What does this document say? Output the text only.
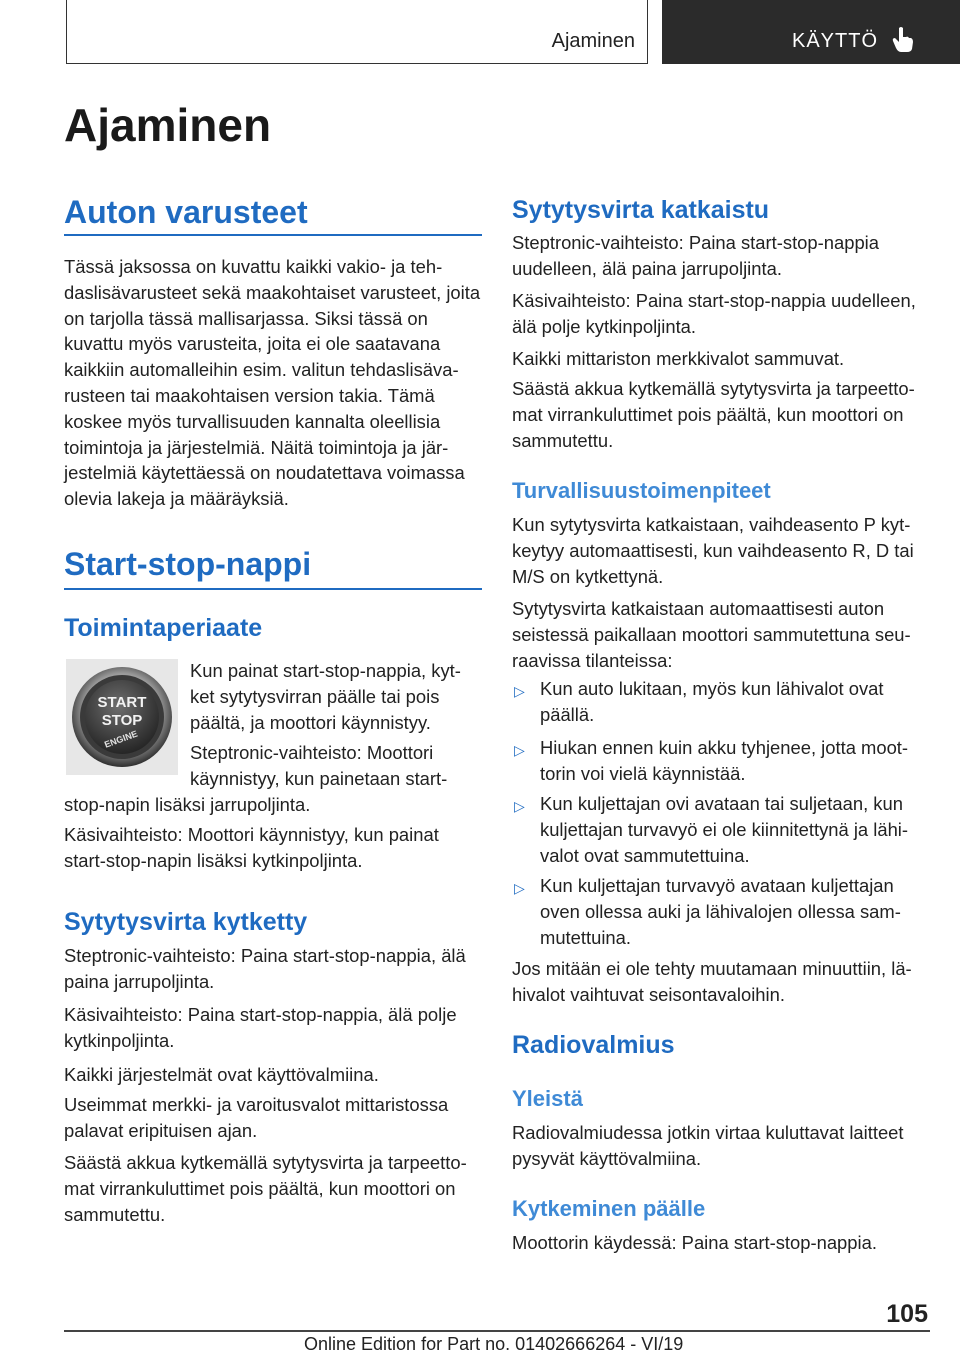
Ajaminen	KÄYTTÖ
Ajaminen
Auton varusteet

Tässä jaksossa on kuvattu kaikki vakio- ja teh-daslisävarusteet sekä maakohtaiset varusteet, joita on tarjolla tässä mallisarjassa. Siksi tässä on kuvattu myös varusteita, joita ei ole saatavana kaikkiin automalleihin esim. valitun tehdaslisäva-rusteen tai maakohtaisen version takia. Tämä koskee myös turvallisuuden kannalta oleellisia toimintoja ja järjestelmiä. Näitä toimintoja ja jär-jestelmiä käytettäessä on noudatettava voimassa olevia lakeja ja määräyksiä.

Start-stop-nappi
Toimintaperiaate
START
STOP
ENGINE

Kun painat start-stop-nappia, kyt-ket sytytysvirran päälle tai pois päältä, ja moottori käynnistyy.

Steptronic-vaihteisto: Moottori käynnistyy, kun painetaan start-

stop-napin lisäksi jarrupoljinta.

Käsivaihteisto: Moottori käynnistyy, kun painat start-stop-napin lisäksi kytkinpoljinta.

Sytytysvirta kytketty

Steptronic-vaihteisto: Paina start-stop-nappia, älä paina jarrupoljinta.

Käsivaihteisto: Paina start-stop-nappia, älä polje kytkinpoljinta.

Kaikki järjestelmät ovat käyttövalmiina.

Useimmat merkki- ja varoitusvalot mittaristossa palavat eripituisen ajan.

Säästä akkua kytkemällä sytytysvirta ja tarpeetto-mat virrankuluttimet pois päältä, kun moottori on sammutettu.

Sytytysvirta katkaistu

Steptronic-vaihteisto: Paina start-stop-nappia uudelleen, älä paina jarrupoljinta.

Käsivaihteisto: Paina start-stop-nappia uudelleen, älä polje kytkinpoljinta.

Kaikki mittariston merkkivalot sammuvat.

Säästä akkua kytkemällä sytytysvirta ja tarpeetto-mat virrankuluttimet pois päältä, kun moottori on sammutettu.

Turvallisuustoimenpiteet

Kun sytytysvirta katkaistaan, vaihdeasento P kyt-keytyy automaattisesti, kun vaihdeasento R, D tai M/S on kytkettynä.

Sytytysvirta katkaistaan automaattisesti auton seistessä paikallaan moottori sammutettuna seu-raavissa tilanteissa:

▷ Kun auto lukitaan, myös kun lähivalot ovat päällä.

▷ Hiukan ennen kuin akku tyhjenee, jotta moot-torin voi vielä käynnistää.

▷ Kun kuljettajan ovi avataan tai suljetaan, kun kuljettajan turvavyö ei ole kiinnitettynä ja lähi-valot ovat sammutettuina.

▷ Kun kuljettajan turvavyö avataan kuljettajan oven ollessa auki ja lähivalojen ollessa sam-mutettuina.

Jos mitään ei ole tehty muutamaan minuuttiin, lä-hivalot vaihtuvat seisontavaloihin.

Radiovalmius
Yleistä

Radiovalmiudessa jotkin virtaa kuluttavat laitteet pysyvät käyttövalmiina.

Kytkeminen päälle

Moottorin käydessä: Paina start-stop-nappia.

105
Online Edition for Part no. 01402666264 - VI/19
